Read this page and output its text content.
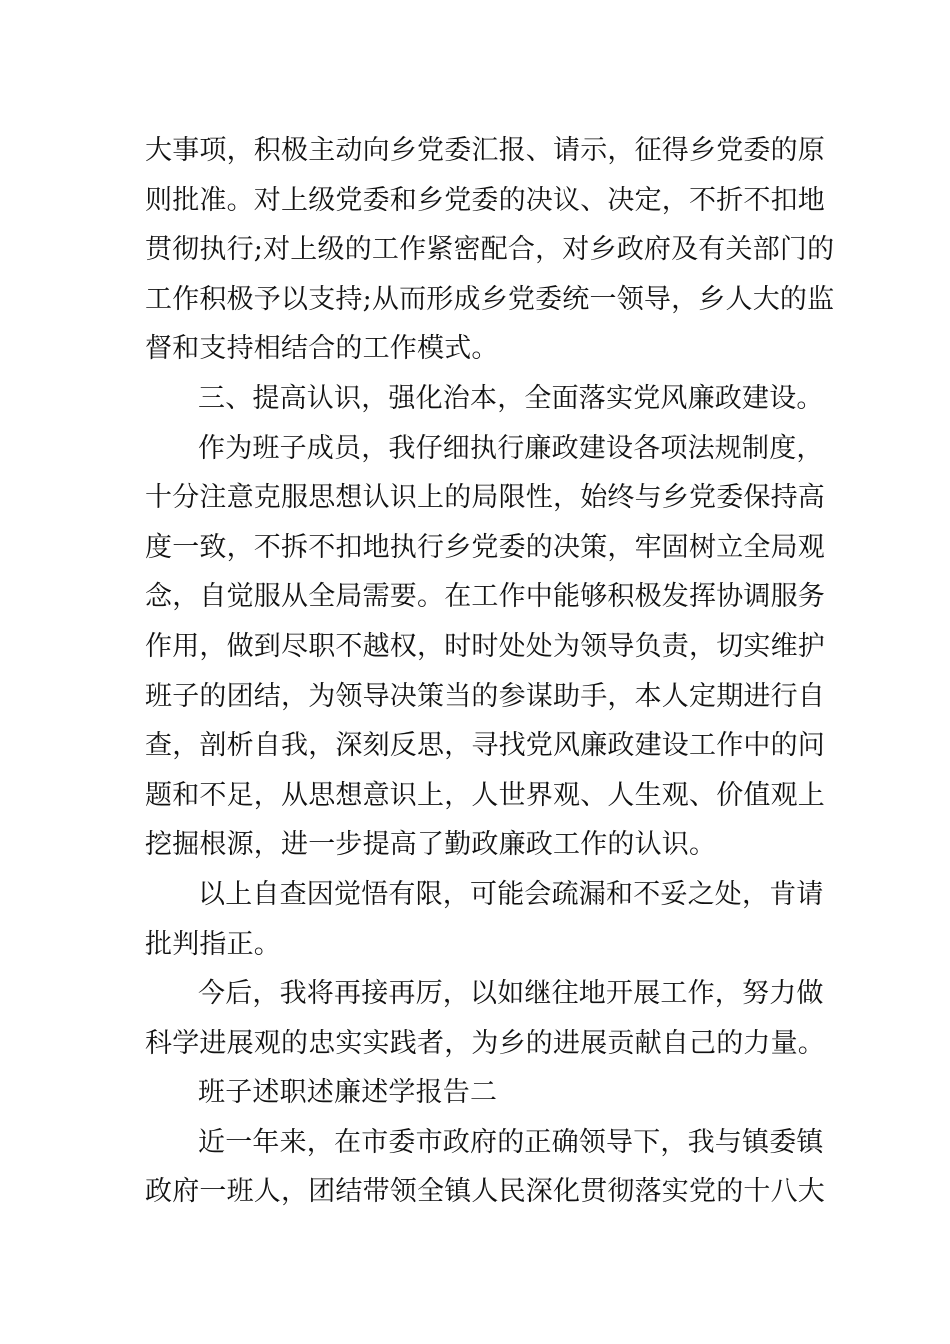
大事项，积极主动向乡党委汇报、请示，征得乡党委的原
则批准。对上级党委和乡党委的决议、决定，不折不扣地
贯彻执行;对上级的工作紧密配合，对乡政府及有关部门的
工作积极予以支持;从而形成乡党委统一领导，乡人大的监
督和支持相结合的工作模式。
三、提高认识，强化治本，全面落实党风廉政建设。
作为班子成员，我仔细执行廉政建设各项法规制度，
十分注意克服思想认识上的局限性，始终与乡党委保持高
度一致，不拆不扣地执行乡党委的决策，牢固树立全局观
念，自觉服从全局需要。在工作中能够积极发挥协调服务
作用，做到尽职不越权，时时处处为领导负责，切实维护
班子的团结，为领导决策当的参谋助手，本人定期进行自
查，剖析自我，深刻反思，寻找党风廉政建设工作中的问
题和不足，从思想意识上，人世界观、人生观、价值观上
挖掘根源，进一步提高了勤政廉政工作的认识。
以上自查因觉悟有限，可能会疏漏和不妥之处，肯请
批判指正。
今后，我将再接再厉，以如继往地开展工作，努力做
科学进展观的忠实实践者，为乡的进展贡献自己的力量。
班子述职述廉述学报告二
近一年来，在市委市政府的正确领导下，我与镇委镇
政府一班人，团结带领全镇人民深化贯彻落实党的十八大
